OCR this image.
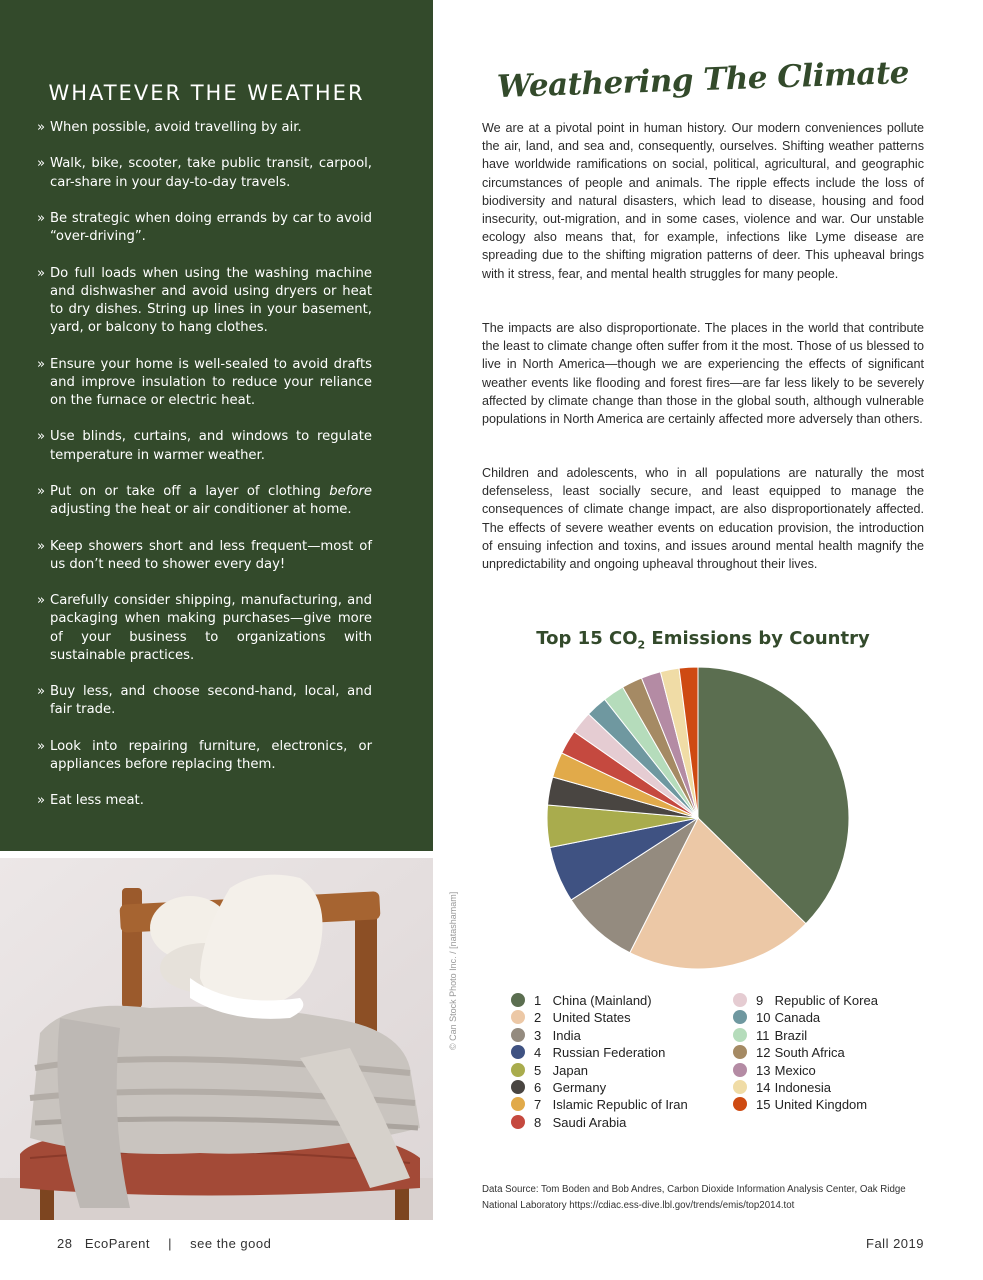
WHATEVER THE WEATHER
» When possible, avoid travelling by air.
» Walk, bike, scooter, take public transit, carpool, car-share in your day-to-day travels.
» Be strategic when doing errands by car to avoid “over-driving”.
» Do full loads when using the washing machine and dishwasher and avoid using dryers or heat to dry dishes. String up lines in your basement, yard, or balcony to hang clothes.
» Ensure your home is well-sealed to avoid drafts and improve insulation to reduce your reliance on the furnace or electric heat.
» Use blinds, curtains, and windows to regulate temperature in warmer weather.
» Put on or take off a layer of clothing before adjusting the heat or air conditioner at home.
» Keep showers short and less frequent—most of us don’t need to shower every day!
» Carefully consider shipping, manufacturing, and packaging when making purchases—give more of your business to organizations with sustainable practices.
» Buy less, and choose second-hand, local, and fair trade.
» Look into repairing furniture, electronics, or appliances before replacing them.
» Eat less meat.
© Can Stock Photo Inc. / [natashamam]
Weathering The Climate

We are at a pivotal point in human history. Our modern conveniences pollute the air, land, and sea and, consequently, ourselves. Shifting weather patterns have worldwide ramifications on social, political, agricultural, and geographic circumstances of people and animals. The ripple effects include the loss of biodiversity and natural disasters, which lead to disease, housing and food insecurity, out-migration, and in some cases, violence and war. Our unstable ecology also means that, for example, infections like Lyme disease are spreading due to the shifting migration patterns of deer. This upheaval brings with it stress, fear, and mental health struggles for many people.

The impacts are also disproportionate. The places in the world that contribute the least to climate change often suffer from it the most. Those of us blessed to live in North America—though we are experiencing the effects of significant weather events like flooding and forest fires—are far less likely to be severely affected by climate change than those in the global south, although vulnerable populations in North America are certainly affected more adversely than others.

Children and adolescents, who in all populations are naturally the most defenseless, least socially secure, and least equipped to manage the consequences of climate change impact, are also disproportionately affected. The effects of severe weather events on education provision, the introduction of ensuing infection and toxins, and issues around mental health magnify the unpredictability and ongoing upheaval throughout their lives.

Top 15 $CO_2$ Emissions by Country
1 China (Mainland)
2 United States
3 India
4 Russian Federation
5 Japan
6 Germany
7 Islamic Republic of Iran
8 Saudi Arabia
9 Republic of Korea
10 Canada
11 Brazil
12 South Africa
13 Mexico
14 Indonesia
15 United Kingdom
Data Source: Tom Boden and Bob Andres, Carbon Dioxide Information Analysis Center, Oak Ridge National Laboratory https://cdiac.ess-dive.lbl.gov/trends/emis/top2014.tot
28 EcoParent | see the good	Fall 2019
